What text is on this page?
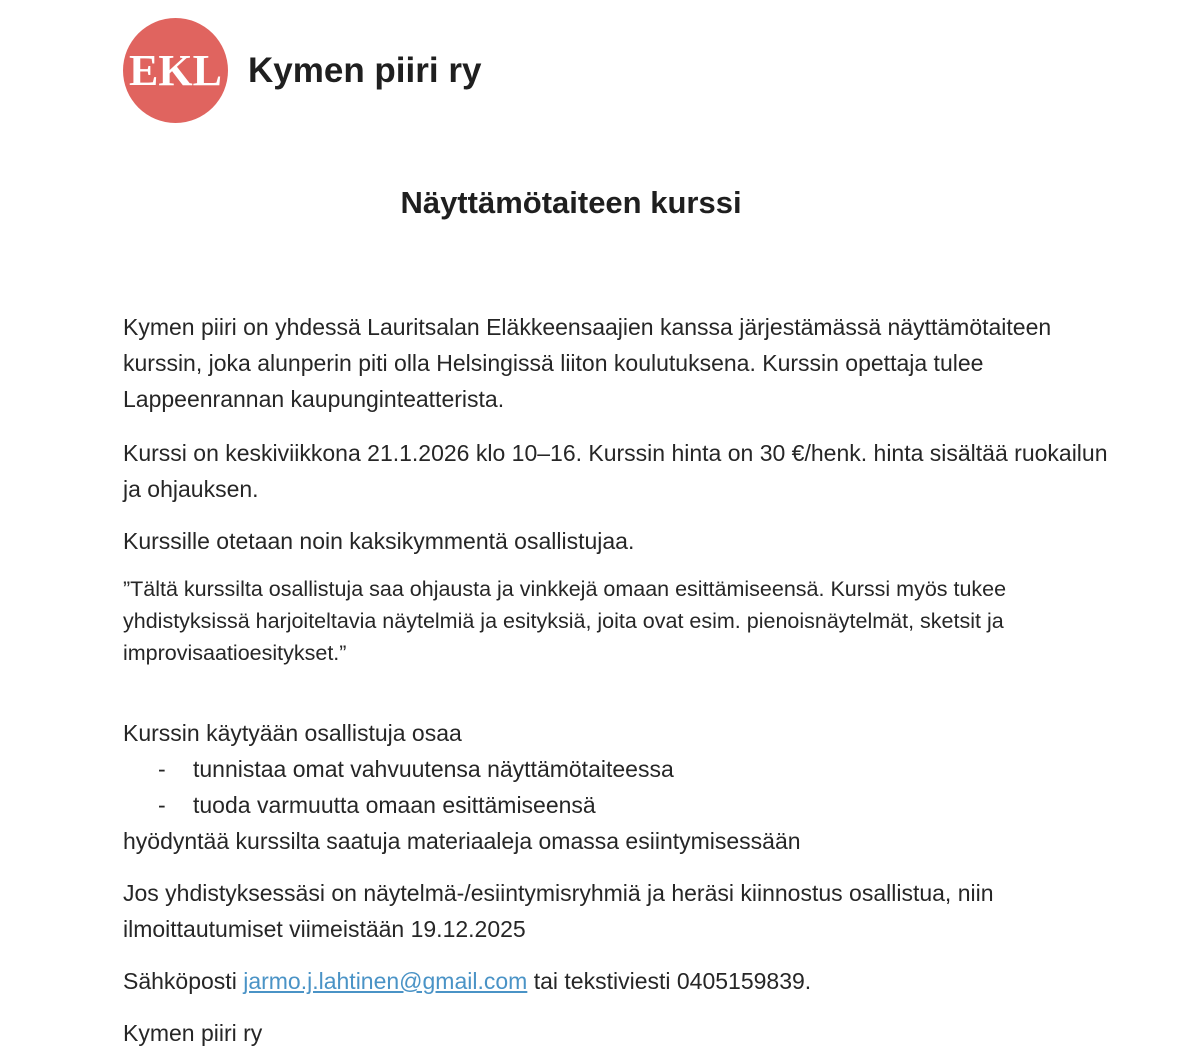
EKL Kymen piiri ry
Näyttämötaiteen kurssi

Kymen piiri on yhdessä Lauritsalan Eläkkeensaajien kanssa järjestämässä näyttämötaiteen kurssin, joka alunperin piti olla Helsingissä liiton koulutuksena. Kurssin opettaja tulee Lappeenrannan kaupunginteatterista.

Kurssi on keskiviikkona 21.1.2026 klo 10–16. Kurssin hinta on 30 €/henk. hinta sisältää ruokailun ja ohjauksen.

Kurssille otetaan noin kaksikymmentä osallistujaa.

”Tältä kurssilta osallistuja saa ohjausta ja vinkkejä omaan esittämiseensä. Kurssi myös tukee yhdistyksissä harjoiteltavia näytelmiä ja esityksiä, joita ovat esim. pienoisnäytelmät, sketsit ja improvisaatioesitykset.”

Kurssin käytyään osallistuja osaa

- tunnistaa omat vahvuutensa näyttämötaiteessa
- tuoda varmuutta omaan esittämiseensä

hyödyntää kurssilta saatuja materiaaleja omassa esiintymisessään

Jos yhdistyksessäsi on näytelmä-/esiintymisryhmiä ja heräsi kiinnostus osallistua, niin ilmoittautumiset viimeistään 19.12.2025

Sähköposti jarmo.j.lahtinen@gmail.com tai tekstiviesti 0405159839.

Kymen piiri ry
